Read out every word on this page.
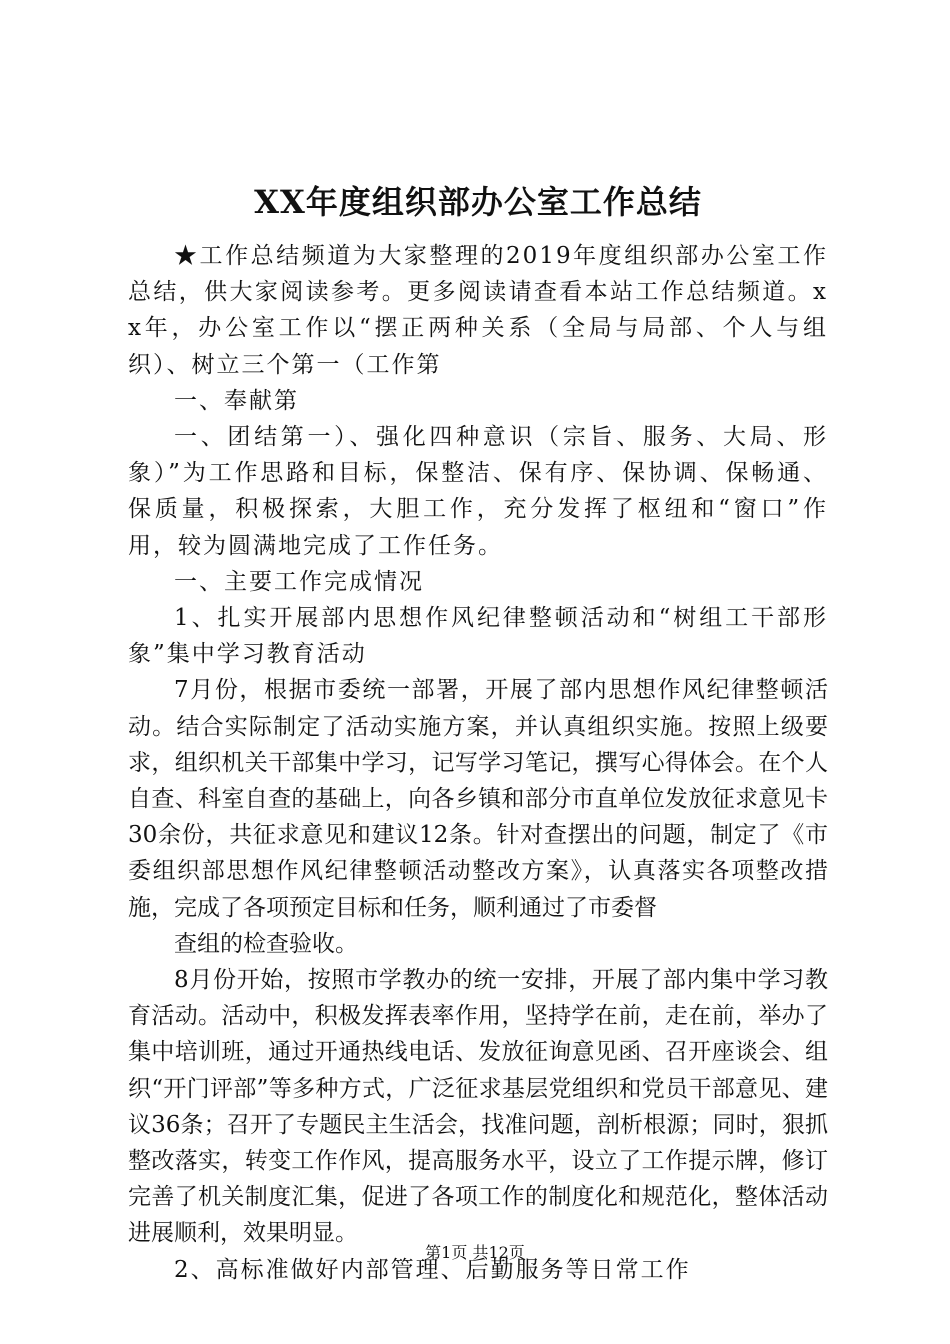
XX年度组织部办公室工作总结

★工作总结频道为大家整理的2019年度组织部办公室工作总结，供大家阅读参考。更多阅读请查看本站工作总结频道。xx年，办公室工作以“摆正两种关系（全局与局部、个人与组织）、树立三个第一（工作第

一、奉献第

一、团结第一）、强化四种意识（宗旨、服务、大局、形象）”为工作思路和目标，保整洁、保有序、保协调、保畅通、保质量，积极探索，大胆工作，充分发挥了枢纽和“窗口”作用，较为圆满地完成了工作任务。

一、主要工作完成情况

1、扎实开展部内思想作风纪律整顿活动和“树组工干部形象”集中学习教育活动

7月份，根据市委统一部署，开展了部内思想作风纪律整顿活动。结合实际制定了活动实施方案，并认真组织实施。按照上级要求，组织机关干部集中学习，记写学习笔记，撰写心得体会。在个人自查、科室自查的基础上，向各乡镇和部分市直单位发放征求意见卡30余份，共征求意见和建议12条。针对查摆出的问题，制定了《市委组织部思想作风纪律整顿活动整改方案》，认真落实各项整改措施，完成了各项预定目标和任务，顺利通过了市委督

查组的检查验收。

8月份开始，按照市学教办的统一安排，开展了部内集中学习教育活动。活动中，积极发挥表率作用，坚持学在前，走在前，举办了集中培训班，通过开通热线电话、发放征询意见函、召开座谈会、组织“开门评部”等多种方式，广泛征求基层党组织和党员干部意见、建议36条；召开了专题民主生活会，找准问题，剖析根源；同时，狠抓整改落实，转变工作作风，提高服务水平，设立了工作提示牌，修订完善了机关制度汇集，促进了各项工作的制度化和规范化，整体活动进展顺利，效果明显。

2、高标准做好内部管理、后勤服务等日常工作

第1页 共12页
